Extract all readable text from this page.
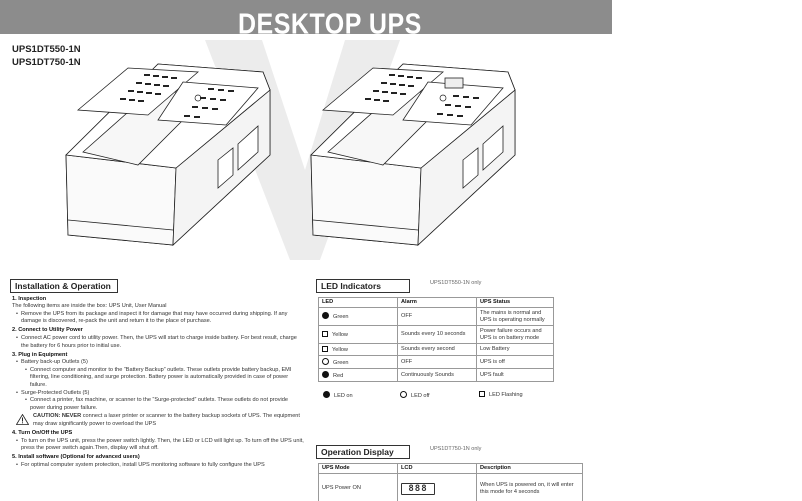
DESKTOP UPS
UPS1DT550-1N
UPS1DT750-1N
Installation & Operation
1. Inspection
The following items are inside the box: UPS Unit, User Manual
• Remove the UPS from its package and inspect it for damage that may have occurred during shipping. If any damage is discovered, re-pack the unit and return it to the place of purchase.
2. Connect to Utility Power
• Connect AC power cord to utility power. Then, the UPS will start to charge inside battery. For best result, charge the battery for 6 hours prior to initial use.
3. Plug in Equipment
• Battery back-up Outlets (5)
• Connect computer and monitor to the “Battery Backup” outlets. These outlets provide battery backup, EMI filtering, line conditioning, and surge protection. Battery power is automatically provided in case of power failure.
• Surge-Protected Outlets (5)
• Connect a printer, fax machine, or scanner to the “Surge-protected” outlets. These outlets do not provide power during power failure.
CAUTION: NEVER connect a laser printer or scanner to the battery backup sockets of UPS. The equipment may draw significantly power to overload the UPS
4. Turn On/Off the UPS
• To turn on the UPS unit, press the power switch lightly. Then, the LED or LCD will light up. To turn off the UPS unit, press the power switch again.Then, display will shut off.
5. Install software (Optional for advanced users)
• For optimal computer system protection, install UPS monitoring software to fully configure the UPS
LED Indicators	UPS1DT550-1N only
LED	Alarm	UPS Status
Green	OFF	The mains is normal and UPS is operating normally
Yellow	Sounds every 10 seconds	Power failure occurs and UPS is on battery mode
Yellow	Sounds every second	Low Battery
Green	OFF	UPS is off
Red	Continuously Sounds	UPS fault
LED on	LED off	LED Flashing
Operation Display	UPS1DT750-1N only
UPS Mode	LCD	Description
UPS Power ON	888	When UPS is powered on, it will enter this mode for 4 seconds
